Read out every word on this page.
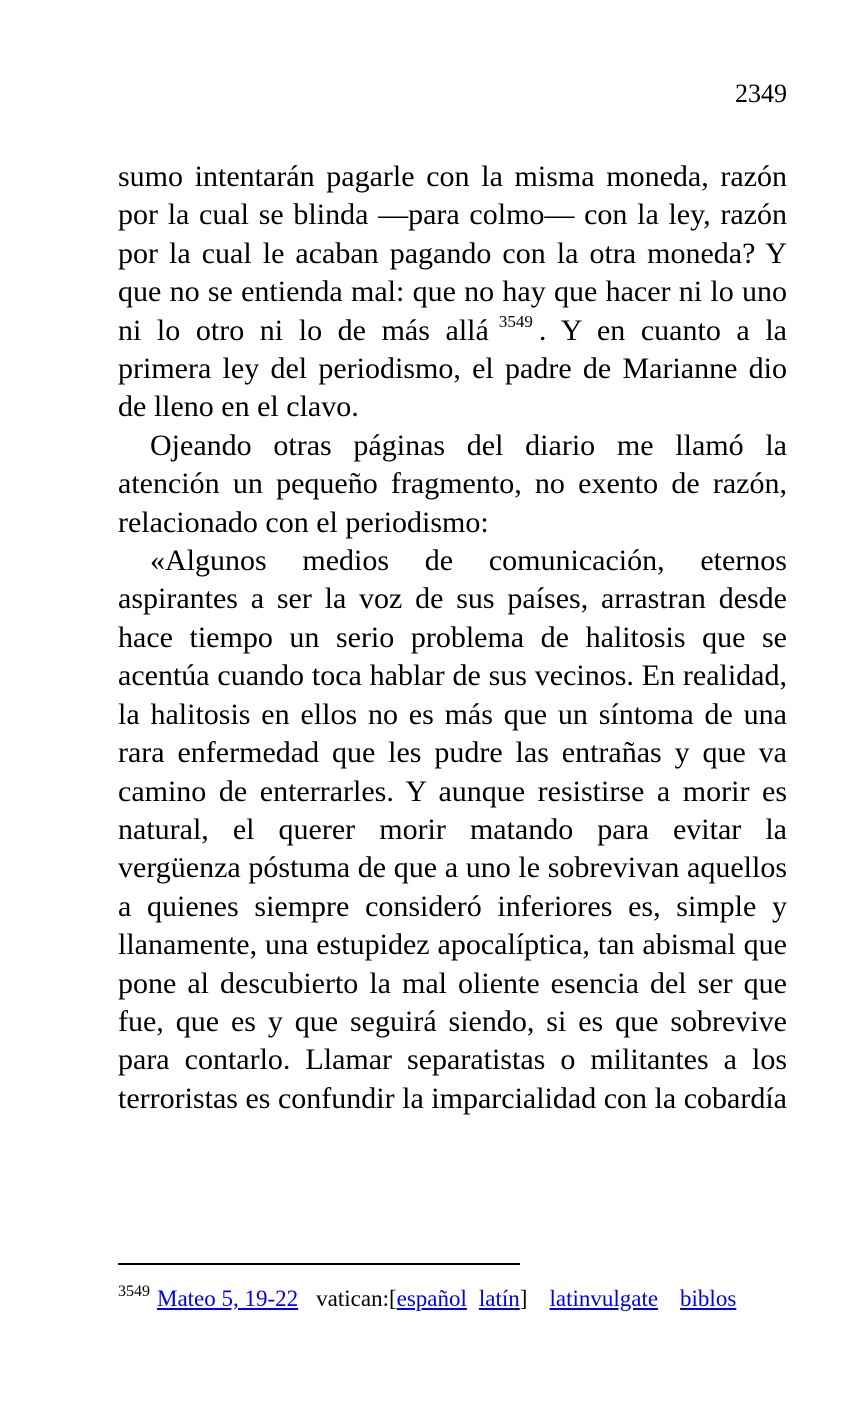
2349

sumo intentarán pagarle con la misma moneda, razón por la cual se blinda —para colmo— con la ley, razón por la cual le acaban pagando con la otra moneda? Y que no se entienda mal: que no hay que hacer ni lo uno ni lo otro ni lo de más allá $^{3549}$ . Y en cuanto a la primera ley del periodismo, el padre de Marianne dio de lleno en el clavo.

Ojeando otras páginas del diario me llamó la atención un pequeño fragmento, no exento de razón, relacionado con el periodismo:

«Algunos medios de comunicación, eternos aspirantes a ser la voz de sus países, arrastran desde hace tiempo un serio problema de halitosis que se acentúa cuando toca hablar de sus vecinos. En realidad, la halitosis en ellos no es más que un síntoma de una rara enfermedad que les pudre las entrañas y que va camino de enterrarles. Y aunque resistirse a morir es natural, el querer morir matando para evitar la vergüenza póstuma de que a uno le sobrevivan aquellos a quienes siempre consideró inferiores es, simple y llanamente, una estupidez apocalíptica, tan abismal que pone al descubierto la mal oliente esencia del ser que fue, que es y que seguirá siendo, si es que sobrevive para contarlo. Llamar separatistas o militantes a los terroristas es confundir la imparcialidad con la cobardía

$^{3549}$ Mateo 5, 19-22 vatican:[español latín] latinvulgate biblos
